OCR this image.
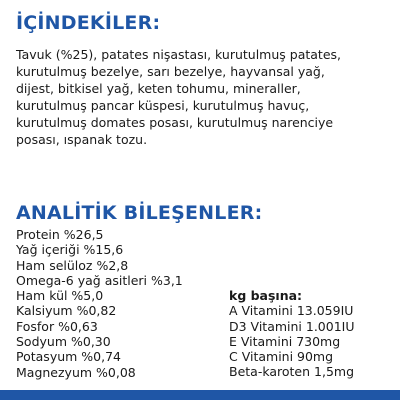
İÇİNDEKİLER:
Tavuk (%25), patates nişastası, kurutulmuş patates,
kurutulmuş bezelye, sarı bezelye, hayvansal yağ,
dijest, bitkisel yağ, keten tohumu, mineraller,
kurutulmuş pancar küspesi, kurutulmuş havuç,
kurutulmuş domates posası, kurutulmuş narenciye
posası, ıspanak tozu.
ANALİTİK BİLEŞENLER:
Protein %26,5
Yağ içeriği %15,6
Ham selüloz %2,8
Omega-6 yağ asitleri %3,1
Ham kül %5,0
Kalsiyum %0,82
Fosfor %0,63
Sodyum %0,30
Potasyum %0,74
Magnezyum %0,08
kg başına:
A Vitamini 13.059IU
D3 Vitamini 1.001IU
E Vitamini 730mg
C Vitamini 90mg
Beta-karoten 1,5mg
